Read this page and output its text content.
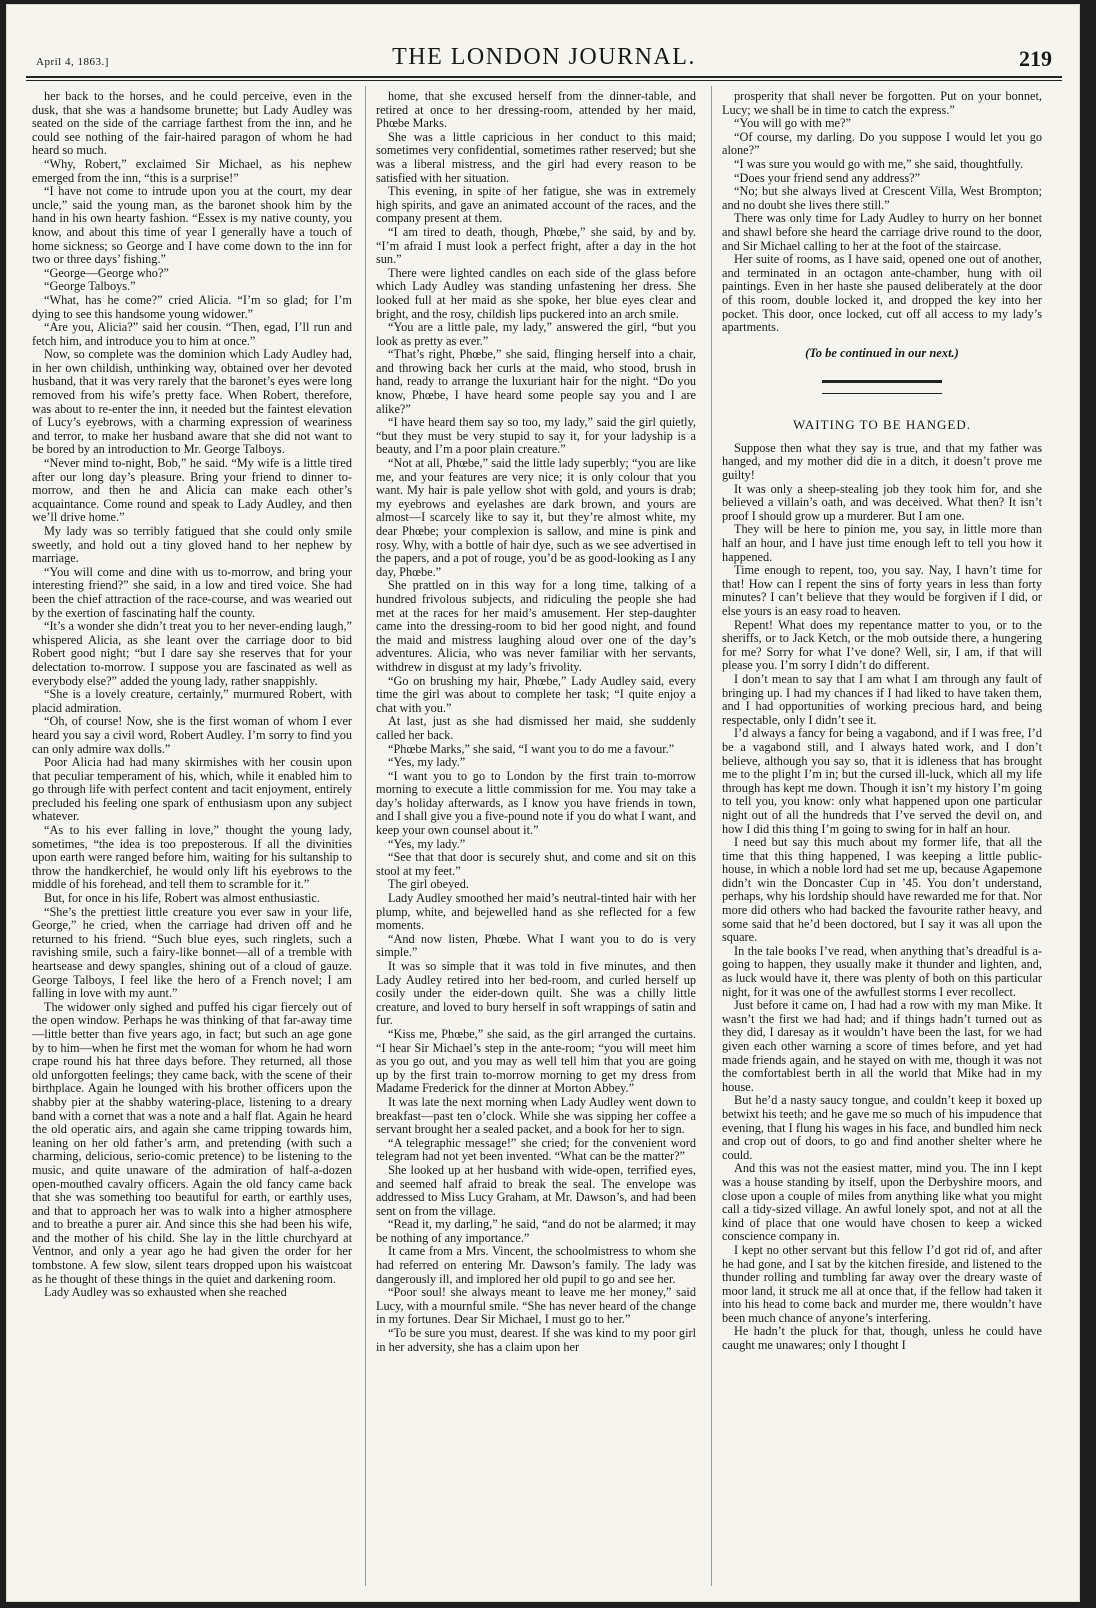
April 4, 1863.]	THE LONDON JOURNAL.	219

her back to the horses, and he could perceive, even in the dusk, that she was a handsome brunette; but Lady Audley was seated on the side of the carriage farthest from the inn, and he could see nothing of the fair-haired paragon of whom he had heard so much.

“Why, Robert,” exclaimed Sir Michael, as his nephew emerged from the inn, “this is a surprise!”

“I have not come to intrude upon you at the court, my dear uncle,” said the young man, as the baronet shook him by the hand in his own hearty fashion. “Essex is my native county, you know, and about this time of year I generally have a touch of home sickness; so George and I have come down to the inn for two or three days’ fishing.”

“George—George who?”

“George Talboys.”

“What, has he come?” cried Alicia. “I’m so glad; for I’m dying to see this handsome young widower.”

“Are you, Alicia?” said her cousin. “Then, egad, I’ll run and fetch him, and introduce you to him at once.”

Now, so complete was the dominion which Lady Audley had, in her own childish, unthinking way, obtained over her devoted husband, that it was very rarely that the baronet’s eyes were long removed from his wife’s pretty face. When Robert, therefore, was about to re-enter the inn, it needed but the faintest elevation of Lucy’s eyebrows, with a charming expression of weariness and terror, to make her husband aware that she did not want to be bored by an introduction to Mr. George Talboys.

“Never mind to-night, Bob,” he said. “My wife is a little tired after our long day’s pleasure. Bring your friend to dinner to-morrow, and then he and Alicia can make each other’s acquaintance. Come round and speak to Lady Audley, and then we’ll drive home.”

My lady was so terribly fatigued that she could only smile sweetly, and hold out a tiny gloved hand to her nephew by marriage.

“You will come and dine with us to-morrow, and bring your interesting friend?” she said, in a low and tired voice. She had been the chief attraction of the race-course, and was wearied out by the exertion of fascinating half the county.

“It’s a wonder she didn’t treat you to her never-ending laugh,” whispered Alicia, as she leant over the carriage door to bid Robert good night; “but I dare say she reserves that for your delectation to-morrow. I suppose you are fascinated as well as everybody else?” added the young lady, rather snappishly.

“She is a lovely creature, certainly,” murmured Robert, with placid admiration.

“Oh, of course! Now, she is the first woman of whom I ever heard you say a civil word, Robert Audley. I’m sorry to find you can only admire wax dolls.”

Poor Alicia had had many skirmishes with her cousin upon that peculiar temperament of his, which, while it enabled him to go through life with perfect content and tacit enjoyment, entirely precluded his feeling one spark of enthusiasm upon any subject whatever.

“As to his ever falling in love,” thought the young lady, sometimes, “the idea is too preposterous. If all the divinities upon earth were ranged before him, waiting for his sultanship to throw the handkerchief, he would only lift his eyebrows to the middle of his forehead, and tell them to scramble for it.”

But, for once in his life, Robert was almost enthusiastic.

“She’s the prettiest little creature you ever saw in your life, George,” he cried, when the carriage had driven off and he returned to his friend. “Such blue eyes, such ringlets, such a ravishing smile, such a fairy-like bonnet—all of a tremble with heartsease and dewy spangles, shining out of a cloud of gauze. George Talboys, I feel like the hero of a French novel; I am falling in love with my aunt.”

The widower only sighed and puffed his cigar fiercely out of the open window. Perhaps he was thinking of that far-away time—little better than five years ago, in fact; but such an age gone by to him—when he first met the woman for whom he had worn crape round his hat three days before. They returned, all those old unforgotten feelings; they came back, with the scene of their birthplace. Again he lounged with his brother officers upon the shabby pier at the shabby watering-place, listening to a dreary band with a cornet that was a note and a half flat. Again he heard the old operatic airs, and again she came tripping towards him, leaning on her old father’s arm, and pretending (with such a charming, delicious, serio-comic pretence) to be listening to the music, and quite unaware of the admiration of half-a-dozen open-mouthed cavalry officers. Again the old fancy came back that she was something too beautiful for earth, or earthly uses, and that to approach her was to walk into a higher atmosphere and to breathe a purer air. And since this she had been his wife, and the mother of his child. She lay in the little churchyard at Ventnor, and only a year ago he had given the order for her tombstone. A few slow, silent tears dropped upon his waistcoat as he thought of these things in the quiet and darkening room.

Lady Audley was so exhausted when she reached

home, that she excused herself from the dinner-table, and retired at once to her dressing-room, attended by her maid, Phœbe Marks.

She was a little capricious in her conduct to this maid; sometimes very confidential, sometimes rather reserved; but she was a liberal mistress, and the girl had every reason to be satisfied with her situation.

This evening, in spite of her fatigue, she was in extremely high spirits, and gave an animated account of the races, and the company present at them.

“I am tired to death, though, Phœbe,” she said, by and by. “I’m afraid I must look a perfect fright, after a day in the hot sun.”

There were lighted candles on each side of the glass before which Lady Audley was standing unfastening her dress. She looked full at her maid as she spoke, her blue eyes clear and bright, and the rosy, childish lips puckered into an arch smile.

“You are a little pale, my lady,” answered the girl, “but you look as pretty as ever.”

“That’s right, Phœbe,” she said, flinging herself into a chair, and throwing back her curls at the maid, who stood, brush in hand, ready to arrange the luxuriant hair for the night. “Do you know, Phœbe, I have heard some people say you and I are alike?”

“I have heard them say so too, my lady,” said the girl quietly, “but they must be very stupid to say it, for your ladyship is a beauty, and I’m a poor plain creature.”

“Not at all, Phœbe,” said the little lady superbly; “you are like me, and your features are very nice; it is only colour that you want. My hair is pale yellow shot with gold, and yours is drab; my eyebrows and eyelashes are dark brown, and yours are almost—I scarcely like to say it, but they’re almost white, my dear Phœbe; your complexion is sallow, and mine is pink and rosy. Why, with a bottle of hair dye, such as we see advertised in the papers, and a pot of rouge, you’d be as good-looking as I any day, Phœbe.”

She prattled on in this way for a long time, talking of a hundred frivolous subjects, and ridiculing the people she had met at the races for her maid’s amusement. Her step-daughter came into the dressing-room to bid her good night, and found the maid and mistress laughing aloud over one of the day’s adventures. Alicia, who was never familiar with her servants, withdrew in disgust at my lady’s frivolity.

“Go on brushing my hair, Phœbe,” Lady Audley said, every time the girl was about to complete her task; “I quite enjoy a chat with you.”

At last, just as she had dismissed her maid, she suddenly called her back.

“Phœbe Marks,” she said, “I want you to do me a favour.”

“Yes, my lady.”

“I want you to go to London by the first train to-morrow morning to execute a little commission for me. You may take a day’s holiday afterwards, as I know you have friends in town, and I shall give you a five-pound note if you do what I want, and keep your own counsel about it.”

“Yes, my lady.”

“See that that door is securely shut, and come and sit on this stool at my feet.”

The girl obeyed.

Lady Audley smoothed her maid’s neutral-tinted hair with her plump, white, and bejewelled hand as she reflected for a few moments.

“And now listen, Phœbe. What I want you to do is very simple.”

It was so simple that it was told in five minutes, and then Lady Audley retired into her bed-room, and curled herself up cosily under the eider-down quilt. She was a chilly little creature, and loved to bury herself in soft wrappings of satin and fur.

“Kiss me, Phœbe,” she said, as the girl arranged the curtains. “I hear Sir Michael’s step in the ante-room; “you will meet him as you go out, and you may as well tell him that you are going up by the first train to-morrow morning to get my dress from Madame Frederick for the dinner at Morton Abbey.”

It was late the next morning when Lady Audley went down to breakfast—past ten o’clock. While she was sipping her coffee a servant brought her a sealed packet, and a book for her to sign.

“A telegraphic message!” she cried; for the convenient word telegram had not yet been invented. “What can be the matter?”

She looked up at her husband with wide-open, terrified eyes, and seemed half afraid to break the seal. The envelope was addressed to Miss Lucy Graham, at Mr. Dawson’s, and had been sent on from the village.

“Read it, my darling,” he said, “and do not be alarmed; it may be nothing of any importance.”

It came from a Mrs. Vincent, the schoolmistress to whom she had referred on entering Mr. Dawson’s family. The lady was dangerously ill, and implored her old pupil to go and see her.

“Poor soul! she always meant to leave me her money,” said Lucy, with a mournful smile. “She has never heard of the change in my fortunes. Dear Sir Michael, I must go to her.”

“To be sure you must, dearest. If she was kind to my poor girl in her adversity, she has a claim upon her

prosperity that shall never be forgotten. Put on your bonnet, Lucy; we shall be in time to catch the express.”

“You will go with me?”

“Of course, my darling. Do you suppose I would let you go alone?”

“I was sure you would go with me,” she said, thoughtfully.

“Does your friend send any address?”

“No; but she always lived at Crescent Villa, West Brompton; and no doubt she lives there still.”

There was only time for Lady Audley to hurry on her bonnet and shawl before she heard the carriage drive round to the door, and Sir Michael calling to her at the foot of the staircase.

Her suite of rooms, as I have said, opened one out of another, and terminated in an octagon ante-chamber, hung with oil paintings. Even in her haste she paused deliberately at the door of this room, double locked it, and dropped the key into her pocket. This door, once locked, cut off all access to my lady’s apartments.

(To be continued in our next.)
WAITING TO BE HANGED.

Suppose then what they say is true, and that my father was hanged, and my mother did die in a ditch, it doesn’t prove me guilty!

It was only a sheep-stealing job they took him for, and she believed a villain’s oath, and was deceived. What then? It isn’t proof I should grow up a murderer. But I am one.

They will be here to pinion me, you say, in little more than half an hour, and I have just time enough left to tell you how it happened.

Time enough to repent, too, you say. Nay, I havn’t time for that! How can I repent the sins of forty years in less than forty minutes? I can’t believe that they would be forgiven if I did, or else yours is an easy road to heaven.

Repent! What does my repentance matter to you, or to the sheriffs, or to Jack Ketch, or the mob outside there, a hungering for me? Sorry for what I’ve done? Well, sir, I am, if that will please you. I’m sorry I didn’t do different.

I don’t mean to say that I am what I am through any fault of bringing up. I had my chances if I had liked to have taken them, and I had opportunities of working precious hard, and being respectable, only I didn’t see it.

I’d always a fancy for being a vagabond, and if I was free, I’d be a vagabond still, and I always hated work, and I don’t believe, although you say so, that it is idleness that has brought me to the plight I’m in; but the cursed ill-luck, which all my life through has kept me down. Though it isn’t my history I’m going to tell you, you know: only what happened upon one particular night out of all the hundreds that I’ve served the devil on, and how I did this thing I’m going to swing for in half an hour.

I need but say this much about my former life, that all the time that this thing happened, I was keeping a little public-house, in which a noble lord had set me up, because Agapemone didn’t win the Doncaster Cup in ’45. You don’t understand, perhaps, why his lordship should have rewarded me for that. Nor more did others who had backed the favourite rather heavy, and some said that he’d been doctored, but I say it was all upon the square.

In the tale books I’ve read, when anything that’s dreadful is a-going to happen, they usually make it thunder and lighten, and, as luck would have it, there was plenty of both on this particular night, for it was one of the awfullest storms I ever recollect.

Just before it came on, I had had a row with my man Mike. It wasn’t the first we had had; and if things hadn’t turned out as they did, I daresay as it wouldn’t have been the last, for we had given each other warning a score of times before, and yet had made friends again, and he stayed on with me, though it was not the comfortablest berth in all the world that Mike had in my house.

But he’d a nasty saucy tongue, and couldn’t keep it boxed up betwixt his teeth; and he gave me so much of his impudence that evening, that I flung his wages in his face, and bundled him neck and crop out of doors, to go and find another shelter where he could.

And this was not the easiest matter, mind you. The inn I kept was a house standing by itself, upon the Derbyshire moors, and close upon a couple of miles from anything like what you might call a tidy-sized village. An awful lonely spot, and not at all the kind of place that one would have chosen to keep a wicked conscience company in.

I kept no other servant but this fellow I’d got rid of, and after he had gone, and I sat by the kitchen fireside, and listened to the thunder rolling and tumbling far away over the dreary waste of moor land, it struck me all at once that, if the fellow had taken it into his head to come back and murder me, there wouldn’t have been much chance of anyone’s interfering.

He hadn’t the pluck for that, though, unless he could have caught me unawares; only I thought I
